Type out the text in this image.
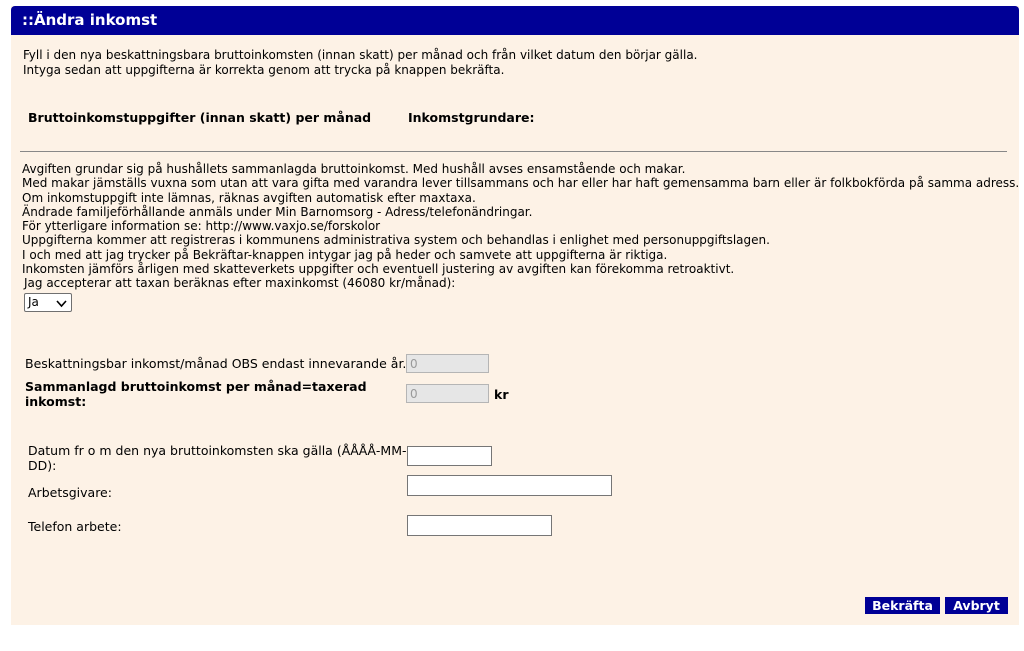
::Ändra inkomst
Fyll i den nya beskattningsbara bruttoinkomsten (innan skatt) per månad och från vilket datum den börjar gälla.
Intyga sedan att uppgifterna är korrekta genom att trycka på knappen bekräfta.
Bruttoinkomstuppgifter (innan skatt) per månad	Inkomstgrundare:
Avgiften grundar sig på hushållets sammanlagda bruttoinkomst. Med hushåll avses ensamstående och makar.
Med makar jämställs vuxna som utan att vara gifta med varandra lever tillsammans och har eller har haft gemensamma barn eller är folkbokförda på samma adress.
Om inkomstuppgift inte lämnas, räknas avgiften automatisk efter maxtaxa.
Ändrade familjeförhållande anmäls under Min Barnomsorg - Adress/telefonändringar.
För ytterligare information se: http://www.vaxjo.se/forskolor
Uppgifterna kommer att registreras i kommunens administrativa system och behandlas i enlighet med personuppgiftslagen.
I och med att jag trycker på Bekräftar-knappen intygar jag på heder och samvete att uppgifterna är riktiga.
Inkomsten jämförs årligen med skatteverkets uppgifter och eventuell justering av avgiften kan förekomma retroaktivt.
Jag accepterar att taxan beräknas efter maxinkomst (46080 kr/månad):
Ja
Beskattningsbar inkomst/månad OBS endast innevarande år.
0
Sammanlagd bruttoinkomst per månad=taxerad
inkomst:
0	kr
Datum fr o m den nya bruttoinkomsten ska gälla (ÅÅÅÅ-MM-
DD):
Arbetsgivare:
Telefon arbete:
Bekräfta	Avbryt
